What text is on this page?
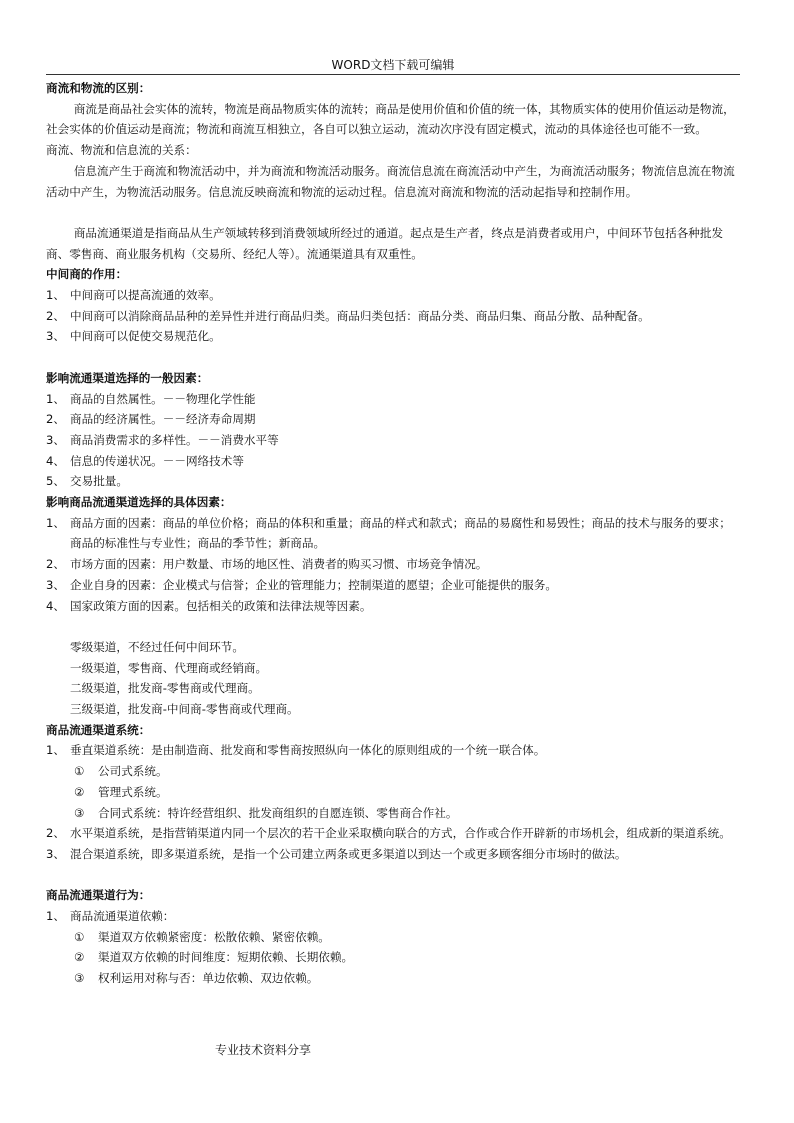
WORD文档下载可编辑

商流和物流的区别：

商流是商品社会实体的流转，物流是商品物质实体的流转；商品是使用价值和价值的统一体，其物质实体的使用价值运动是物流，社会实体的价值运动是商流；物流和商流互相独立，各自可以独立运动，流动次序没有固定模式，流动的具体途径也可能不一致。

商流、物流和信息流的关系：

信息流产生于商流和物流活动中，并为商流和物流活动服务。商流信息流在商流活动中产生，为商流活动服务；物流信息流在物流活动中产生，为物流活动服务。信息流反映商流和物流的运动过程。信息流对商流和物流的活动起指导和控制作用。

商品流通渠道是指商品从生产领域转移到消费领域所经过的通道。起点是生产者，终点是消费者或用户，中间环节包括各种批发商、零售商、商业服务机构（交易所、经纪人等）。流通渠道具有双重性。

中间商的作用：

1、 中间商可以提高流通的效率。
2、 中间商可以消除商品品种的差异性并进行商品归类。商品归类包括：商品分类、商品归集、商品分散、品种配备。
3、 中间商可以促使交易规范化。

影响流通渠道选择的一般因素：

1、 商品的自然属性。－－物理化学性能
2、 商品的经济属性。－－经济寿命周期
3、 商品消费需求的多样性。－－消费水平等
4、 信息的传递状况。－－网络技术等
5、 交易批量。

影响商品流通渠道选择的具体因素：

1、 商品方面的因素：商品的单位价格；商品的体积和重量；商品的样式和款式；商品的易腐性和易毁性；商品的技术与服务的要求；商品的标准性与专业性；商品的季节性；新商品。
2、 市场方面的因素：用户数量、市场的地区性、消费者的购买习惯、市场竞争情况。
3、 企业自身的因素：企业模式与信誉；企业的管理能力；控制渠道的愿望；企业可能提供的服务。
4、 国家政策方面的因素。包括相关的政策和法律法规等因素。

零级渠道，不经过任何中间环节。

一级渠道，零售商、代理商或经销商。

二级渠道，批发商-零售商或代理商。

三级渠道，批发商-中间商-零售商或代理商。

商品流通渠道系统：

1、 垂直渠道系统：是由制造商、批发商和零售商按照纵向一体化的原则组成的一个统一联合体。
①	公司式系统。
②	管理式系统。
③	合同式系统：特许经营组织、批发商组织的自愿连锁、零售商合作社。
2、 水平渠道系统，是指营销渠道内同一个层次的若干企业采取横向联合的方式，合作或合作开辟新的市场机会，组成新的渠道系统。
3、 混合渠道系统，即多渠道系统，是指一个公司建立两条或更多渠道以到达一个或更多顾客细分市场时的做法。

商品流通渠道行为：

1、 商品流通渠道依赖：
①	渠道双方依赖紧密度：松散依赖、紧密依赖。
②	渠道双方依赖的时间维度：短期依赖、长期依赖。
③	权利运用对称与否：单边依赖、双边依赖。
专业技术资料分享
